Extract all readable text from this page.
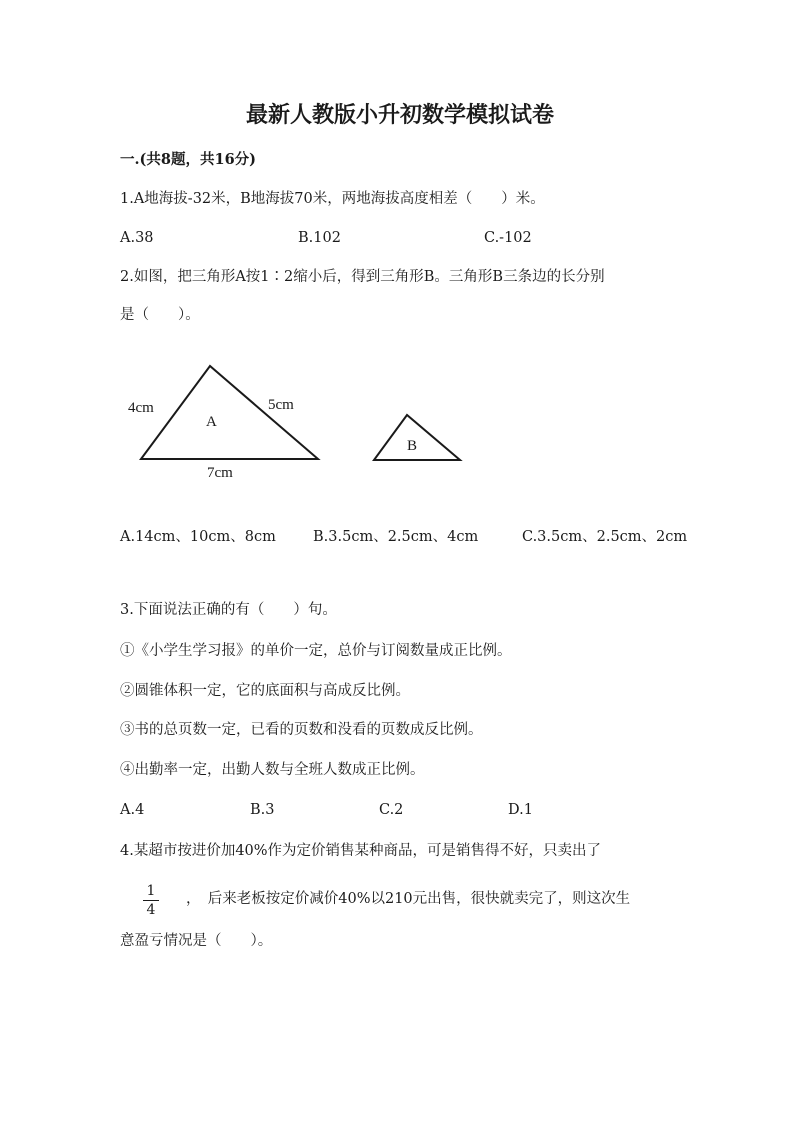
最新人教版小升初数学模拟试卷
一.(共8题，共16分)
1.A地海拔-32米，B地海拔70米，两地海拔高度相差（　　）米。
A.38	B.102	C.-102
2.如图，把三角形A按1∶2缩小后，得到三角形B。三角形B三条边的长分别
是（　　）。
4cm	5cm
7cm
A
B
A.14cm、10cm、8cm	B.3.5cm、2.5cm、4cm	C.3.5cm、2.5cm、2cm
3.下面说法正确的有（　　）句。
①《小学生学习报》的单价一定，总价与订阅数量成正比例。
②圆锥体积一定，它的底面积与高成反比例。
③书的总页数一定，已看的页数和没看的页数成反比例。
④出勤率一定，出勤人数与全班人数成正比例。
A.4	B.3	C.2	D.1
4.某超市按进价加40%作为定价销售某种商品，可是销售得不好，只卖出了
1
4
，　后来老板按定价减价40%以210元出售，很快就卖完了，则这次生
意盈亏情况是（　　）。
